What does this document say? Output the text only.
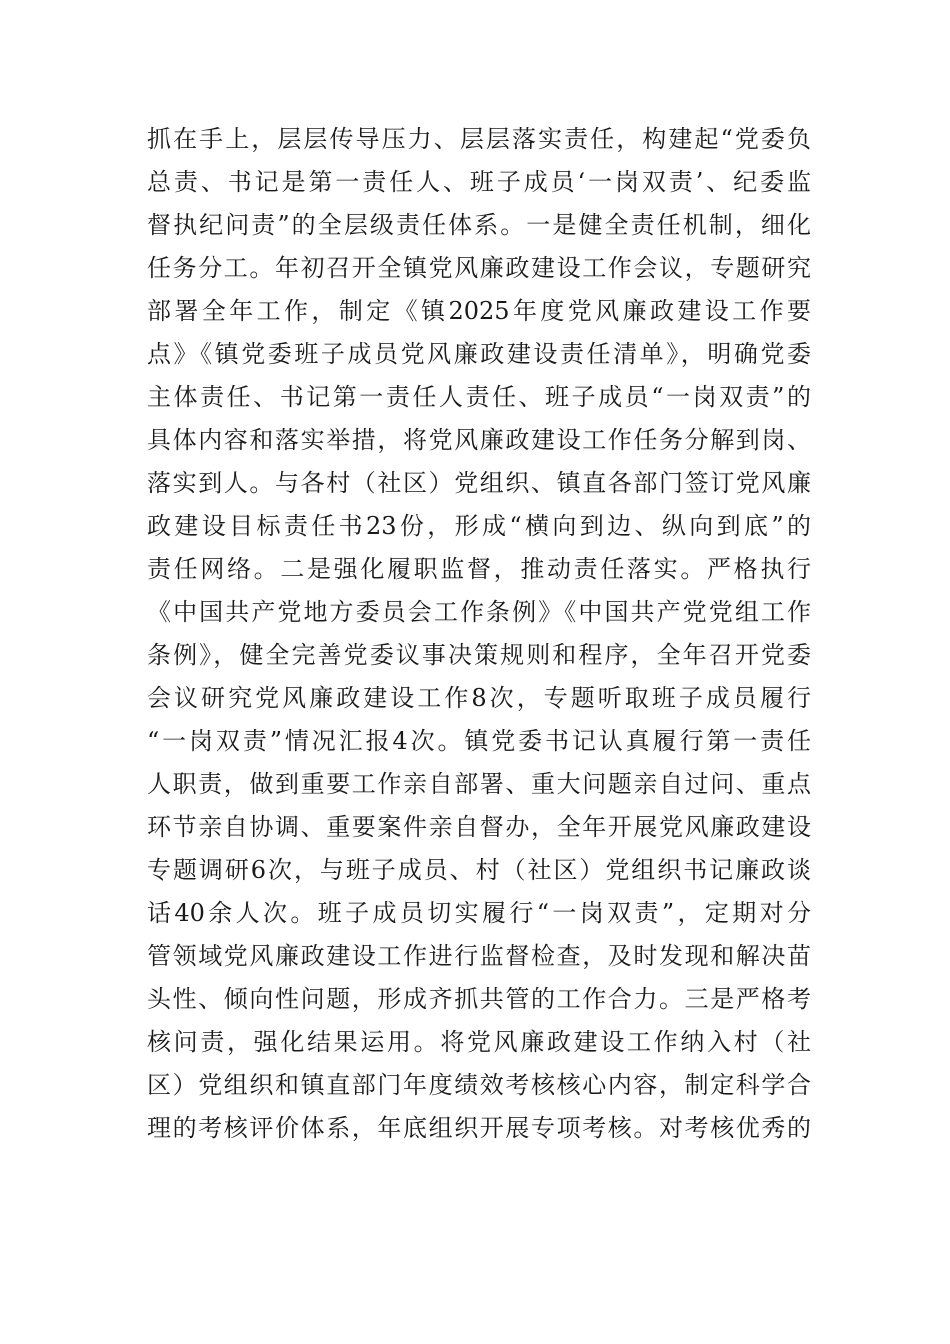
抓在手上，层层传导压力、层层落实责任，构建起“党委负
总责、书记是第一责任人、班子成员‘一岗双责’、纪委监
督执纪问责”的全层级责任体系。一是健全责任机制，细化
任务分工。年初召开全镇党风廉政建设工作会议，专题研究
部署全年工作，制定《镇2025年度党风廉政建设工作要
点》《镇党委班子成员党风廉政建设责任清单》，明确党委
主体责任、书记第一责任人责任、班子成员“一岗双责”的
具体内容和落实举措，将党风廉政建设工作任务分解到岗、
落实到人。与各村（社区）党组织、镇直各部门签订党风廉
政建设目标责任书23份，形成“横向到边、纵向到底”的
责任网络。二是强化履职监督，推动责任落实。严格执行
《中国共产党地方委员会工作条例》《中国共产党党组工作
条例》，健全完善党委议事决策规则和程序，全年召开党委
会议研究党风廉政建设工作8次，专题听取班子成员履行
“一岗双责”情况汇报4次。镇党委书记认真履行第一责任
人职责，做到重要工作亲自部署、重大问题亲自过问、重点
环节亲自协调、重要案件亲自督办，全年开展党风廉政建设
专题调研6次，与班子成员、村（社区）党组织书记廉政谈
话40余人次。班子成员切实履行“一岗双责”，定期对分
管领域党风廉政建设工作进行监督检查，及时发现和解决苗
头性、倾向性问题，形成齐抓共管的工作合力。三是严格考
核问责，强化结果运用。将党风廉政建设工作纳入村（社
区）党组织和镇直部门年度绩效考核核心内容，制定科学合
理的考核评价体系，年底组织开展专项考核。对考核优秀的
